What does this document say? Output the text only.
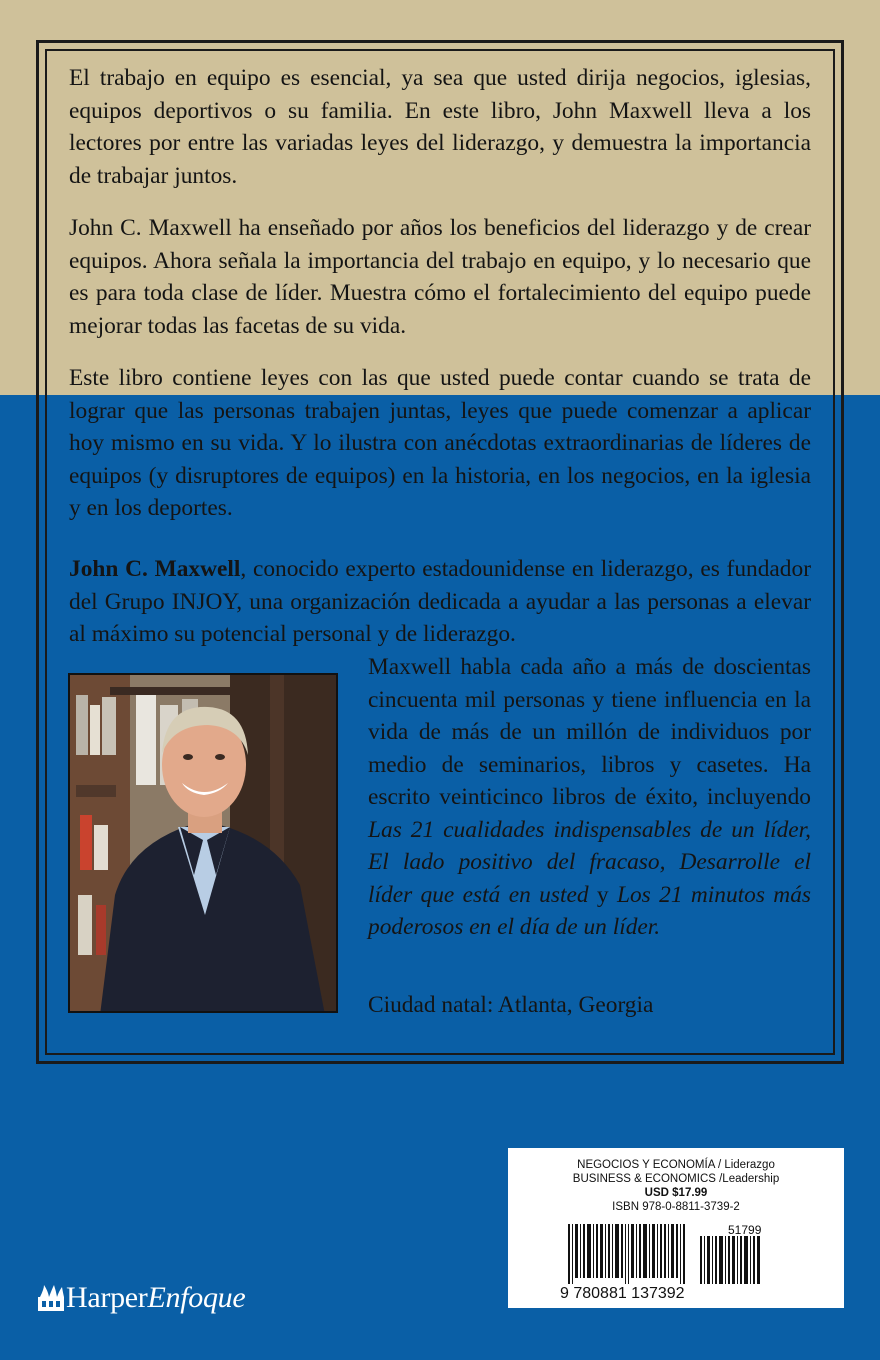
El trabajo en equipo es esencial, ya sea que usted dirija negocios, iglesias, equipos deportivos o su familia. En este libro, John Maxwell lleva a los lectores por entre las variadas leyes del liderazgo, y demuestra la importancia de trabajar juntos.

John C. Maxwell ha enseñado por años los beneficios del liderazgo y de crear equipos. Ahora señala la importancia del trabajo en equipo, y lo necesario que es para toda clase de líder. Muestra cómo el fortalecimiento del equipo puede mejorar todas las facetas de su vida.

Este libro contiene leyes con las que usted puede contar cuando se trata de lograr que las personas trabajen juntas, leyes que puede comenzar a aplicar hoy mismo en su vida. Y lo ilustra con anécdotas extraordinarias de líderes de equipos (y disruptores de equipos) en la historia, en los negocios, en la iglesia y en los deportes.

John C. Maxwell, conocido experto estadounidense en liderazgo, es fundador del Grupo INJOY, una organización dedicada a ayudar a las personas a elevar al máximo su potencial personal y de liderazgo.

Maxwell habla cada año a más de doscientas cincuenta mil personas y tiene influencia en la vida de más de un millón de individuos por medio de seminarios, libros y casetes. Ha escrito veinticinco libros de éxito, incluyendo Las 21 cualidades indispensables de un líder, El lado positivo del fracaso, Desarrolle el líder que está en usted y Los 21 minutos más poderosos en el día de un líder.

Ciudad natal: Atlanta, Georgia

NEGOCIOS Y ECONOMÍA / Liderazgo

BUSINESS & ECONOMICS /Leadership

USD $17.99

ISBN 978-0-8811-3739-2

51799
9 780881 137392
HarperEnfoque
